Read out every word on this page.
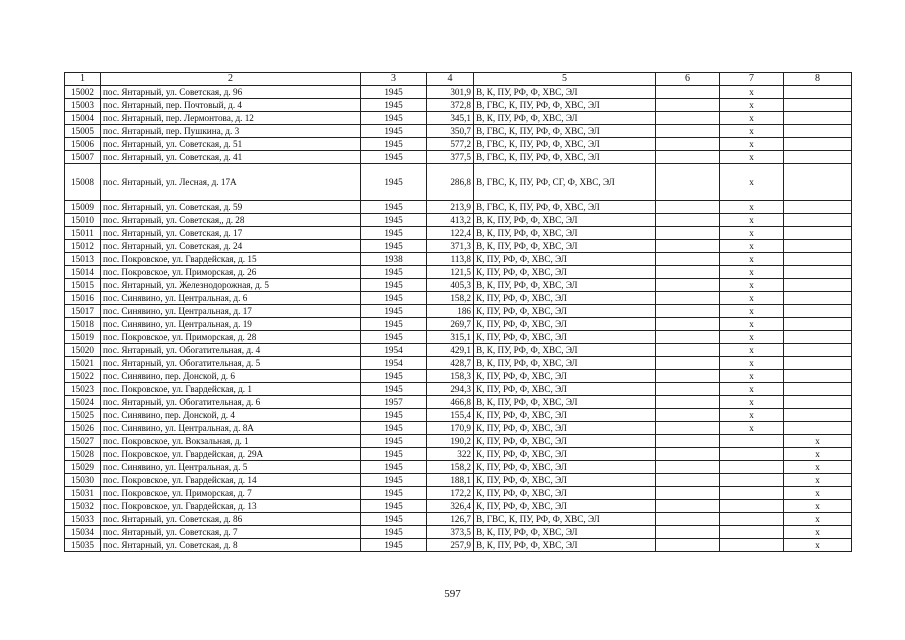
1	2	3	4	5	6	7	8
15002	пос. Янтарный, ул. Советская, д. 96	1945	301,9	В, К, ПУ, РФ, Ф, ХВС, ЭЛ		x	
15003	пос. Янтарный, пер. Почтовый, д. 4	1945	372,8	В, ГВС, К, ПУ, РФ, Ф, ХВС, ЭЛ		x	
15004	пос. Янтарный, пер. Лермонтова, д. 12	1945	345,1	В, К, ПУ, РФ, Ф, ХВС, ЭЛ		x	
15005	пос. Янтарный, пер. Пушкина, д. 3	1945	350,7	В, ГВС, К, ПУ, РФ, Ф, ХВС, ЭЛ		x	
15006	пос. Янтарный, ул. Советская, д. 51	1945	577,2	В, ГВС, К, ПУ, РФ, Ф, ХВС, ЭЛ		x	
15007	пос. Янтарный, ул. Советская, д. 41	1945	377,5	В, ГВС, К, ПУ, РФ, Ф, ХВС, ЭЛ		x	
15008	пос. Янтарный, ул. Лесная, д. 17А	1945	286,8	В, ГВС, К, ПУ, РФ, СГ, Ф, ХВС, ЭЛ		x	
15009	пос. Янтарный, ул. Советская, д. 59	1945	213,9	В, ГВС, К, ПУ, РФ, Ф, ХВС, ЭЛ		x	
15010	пос. Янтарный, ул. Советская,, д. 28	1945	413,2	В, К, ПУ, РФ, Ф, ХВС, ЭЛ		x	
15011	пос. Янтарный, ул. Советская, д. 17	1945	122,4	В, К, ПУ, РФ, Ф, ХВС, ЭЛ		x	
15012	пос. Янтарный, ул. Советская, д. 24	1945	371,3	В, К, ПУ, РФ, Ф, ХВС, ЭЛ		x	
15013	пос. Покровское, ул. Гвардейская, д. 15	1938	113,8	К, ПУ, РФ, Ф, ХВС, ЭЛ		x	
15014	пос. Покровское, ул. Приморская, д. 26	1945	121,5	К, ПУ, РФ, Ф, ХВС, ЭЛ		x	
15015	пос. Янтарный, ул. Железнодорожная, д. 5	1945	405,3	В, К, ПУ, РФ, Ф, ХВС, ЭЛ		x	
15016	пос. Синявино, ул. Центральная, д. 6	1945	158,2	К, ПУ, РФ, Ф, ХВС, ЭЛ		x	
15017	пос. Синявино, ул. Центральная, д. 17	1945	186	К, ПУ, РФ, Ф, ХВС, ЭЛ		x	
15018	пос. Синявино, ул. Центральная, д. 19	1945	269,7	К, ПУ, РФ, Ф, ХВС, ЭЛ		x	
15019	пос. Покровское, ул. Приморская, д. 28	1945	315,1	К, ПУ, РФ, Ф, ХВС, ЭЛ		x	
15020	пос. Янтарный, ул. Обогатительная, д. 4	1954	429,1	В, К, ПУ, РФ, Ф, ХВС, ЭЛ		x	
15021	пос. Янтарный, ул. Обогатительная, д. 5	1954	428,7	В, К, ПУ, РФ, Ф, ХВС, ЭЛ		x	
15022	пос. Синявино, пер. Донской, д. 6	1945	158,3	К, ПУ, РФ, Ф, ХВС, ЭЛ		x	
15023	пос. Покровское, ул. Гвардейская, д. 1	1945	294,3	К, ПУ, РФ, Ф, ХВС, ЭЛ		x	
15024	пос. Янтарный, ул. Обогатительная, д. 6	1957	466,8	В, К, ПУ, РФ, Ф, ХВС, ЭЛ		x	
15025	пос. Синявино, пер. Донской, д. 4	1945	155,4	К, ПУ, РФ, Ф, ХВС, ЭЛ		x	
15026	пос. Синявино, ул. Центральная, д. 8А	1945	170,9	К, ПУ, РФ, Ф, ХВС, ЭЛ		x	
15027	пос. Покровское, ул. Вокзальная, д. 1	1945	190,2	К, ПУ, РФ, Ф, ХВС, ЭЛ			x
15028	пос. Покровское, ул. Гвардейская, д. 29А	1945	322	К, ПУ, РФ, Ф, ХВС, ЭЛ			x
15029	пос. Синявино, ул. Центральная, д. 5	1945	158,2	К, ПУ, РФ, Ф, ХВС, ЭЛ			x
15030	пос. Покровское, ул. Гвардейская, д. 14	1945	188,1	К, ПУ, РФ, Ф, ХВС, ЭЛ			x
15031	пос. Покровское, ул. Приморская, д. 7	1945	172,2	К, ПУ, РФ, Ф, ХВС, ЭЛ			x
15032	пос. Покровское, ул. Гвардейская, д. 13	1945	326,4	К, ПУ, РФ, Ф, ХВС, ЭЛ			x
15033	пос. Янтарный, ул. Советская, д. 86	1945	126,7	В, ГВС, К, ПУ, РФ, Ф, ХВС, ЭЛ			x
15034	пос. Янтарный, ул. Советская, д. 7	1945	373,5	В, К, ПУ, РФ, Ф, ХВС, ЭЛ			x
15035	пос. Янтарный, ул. Советская, д. 8	1945	257,9	В, К, ПУ, РФ, Ф, ХВС, ЭЛ			x
597
